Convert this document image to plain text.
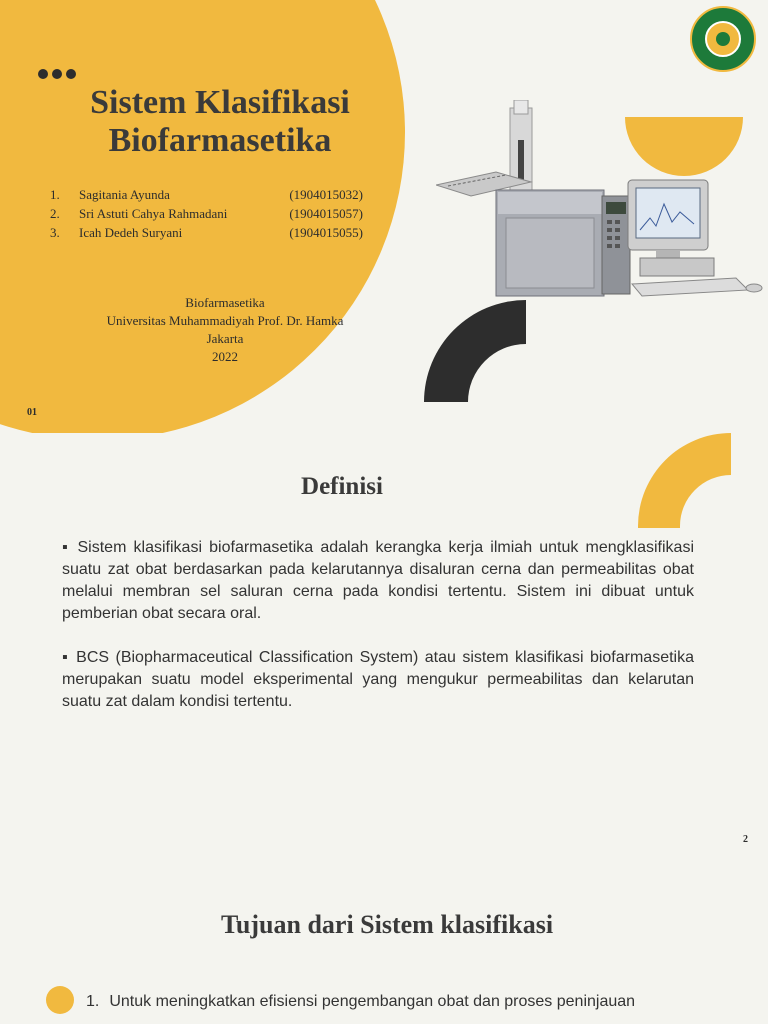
Sistem Klasifikasi Biofarmasetika
1. Sagitania Ayunda	(1904015032)
2. Sri Astuti Cahya Rahmadani	(1904015057)
3. Icah Dedeh Suryani	(1904015055)
Biofarmasetika
Universitas Muhammadiyah Prof. Dr. Hamka
Jakarta
2022
01
Definisi
▪ Sistem klasifikasi biofarmasetika adalah kerangka kerja ilmiah untuk mengklasifikasi suatu zat obat berdasarkan pada kelarutannya disaluran cerna dan permeabilitas obat melalui membran sel saluran cerna pada kondisi tertentu. Sistem ini dibuat untuk pemberian obat secara oral.
▪ BCS (Biopharmaceutical Classification System) atau sistem klasifikasi biofarmasetika merupakan suatu model eksperimental yang mengukur permeabilitas dan kelarutan suatu zat dalam kondisi tertentu.
2
Tujuan dari Sistem klasifikasi
1. Untuk meningkatkan efisiensi pengembangan obat dan proses peninjauan
